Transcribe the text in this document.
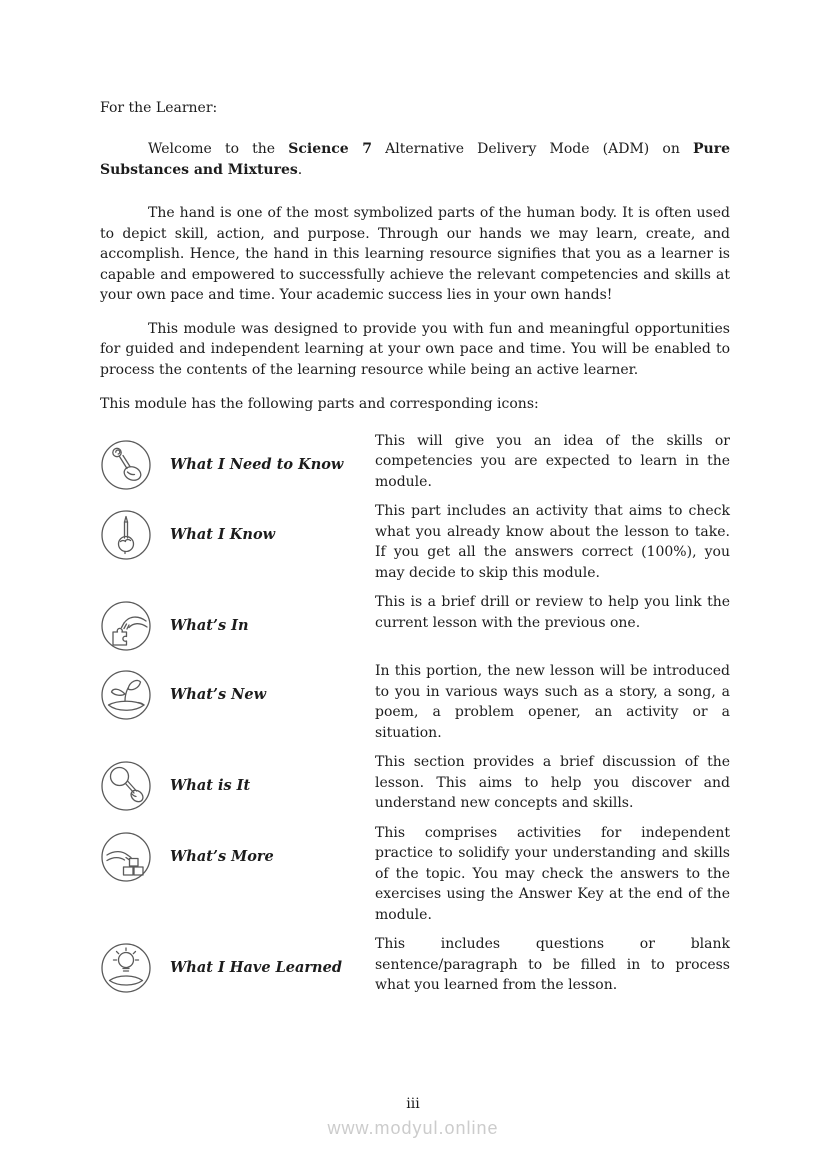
For the Learner:

Welcome to the Science 7 Alternative Delivery Mode (ADM) on Pure Substances and Mixtures.

The hand is one of the most symbolized parts of the human body. It is often used to depict skill, action, and purpose. Through our hands we may learn, create, and accomplish. Hence, the hand in this learning resource signifies that you as a learner is capable and empowered to successfully achieve the relevant competencies and skills at your own pace and time. Your academic success lies in your own hands!

This module was designed to provide you with fun and meaningful opportunities for guided and independent learning at your own pace and time. You will be enabled to process the contents of the learning resource while being an active learner.

This module has the following parts and corresponding icons:

What I Need to Know
This will give you an idea of the skills or competencies you are expected to learn in the module.
What I Know
This part includes an activity that aims to check what you already know about the lesson to take. If you get all the answers correct (100%), you may decide to skip this module.
What’s In
This is a brief drill or review to help you link the current lesson with the previous one.
What’s New
In this portion, the new lesson will be introduced to you in various ways such as a story, a song, a poem, a problem opener, an activity or a situation.
What is It
This section provides a brief discussion of the lesson. This aims to help you discover and understand new concepts and skills.
What’s More
This comprises activities for independent practice to solidify your understanding and skills of the topic. You may check the answers to the exercises using the Answer Key at the end of the module.
What I Have Learned
This includes questions or blank sentence/paragraph to be filled in to process what you learned from the lesson.
iii
www.modyul.online
